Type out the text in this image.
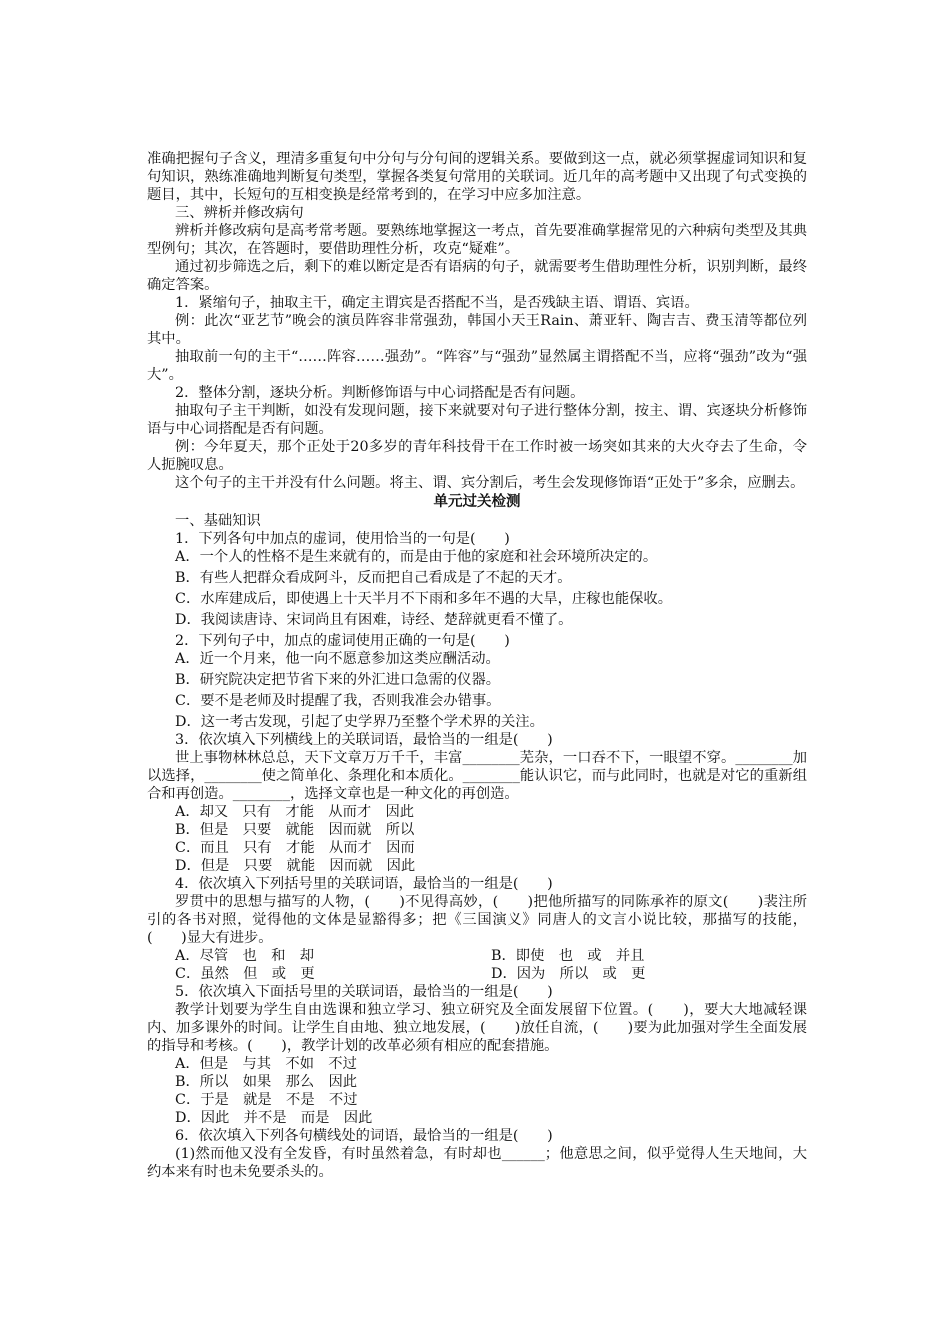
准确把握句子含义，理清多重复句中分句与分句间的逻辑关系。要做到这一点，就必须掌握虚词知识和复句知识，熟练准确地判断复句类型，掌握各类复句常用的关联词。近几年的高考题中又出现了句式变换的题目，其中，长短句的互相变换是经常考到的，在学习中应多加注意。

三、辨析并修改病句

辨析并修改病句是高考常考题。要熟练地掌握这一考点，首先要准确掌握常见的六种病句类型及其典型例句；其次，在答题时，要借助理性分析，攻克“疑难”。

通过初步筛选之后，剩下的难以断定是否有语病的句子，就需要考生借助理性分析，识别判断，最终确定答案。

1．紧缩句子，抽取主干，确定主谓宾是否搭配不当，是否残缺主语、谓语、宾语。

例：此次“亚艺节”晚会的演员阵容非常强劲，韩国小天王Rain、萧亚轩、陶吉吉、费玉清等都位列其中。

抽取前一句的主干“……阵容……强劲”。“阵容”与“强劲”显然属主谓搭配不当，应将“强劲”改为“强大”。

2．整体分割，逐块分析。判断修饰语与中心词搭配是否有问题。

抽取句子主干判断，如没有发现问题，接下来就要对句子进行整体分割，按主、谓、宾逐块分析修饰语与中心词搭配是否有问题。

例：今年夏天，那个正处于20多岁的青年科技骨干在工作时被一场突如其来的大火夺去了生命，令人扼腕叹息。

这个句子的主干并没有什么问题。将主、谓、宾分割后，考生会发现修饰语“正处于”多余，应删去。

单元过关检测

一、基础知识

1．下列各句中加点的虚词，使用恰当的一句是(　　)

A．一个人的性格不是生来就有的，而是由于他的家庭和社会环境所决定的。

B．有些人把群众看成阿斗，反而把自己看成是了不起的天才。

C．水库建成后，即使遇上十天半月不下雨和多年不遇的大旱，庄稼也能保收。

D．我阅读唐诗、宋词尚且有困难，诗经、楚辞就更看不懂了。

2．下列句子中，加点的虚词使用正确的一句是(　　)

A．近一个月来，他一向不愿意参加这类应酬活动。

B．研究院决定把节省下来的外汇进口急需的仪器。

C．要不是老师及时提醒了我，否则我准会办错事。

D．这一考古发现，引起了史学界乃至整个学术界的关注。

3．依次填入下列横线上的关联词语，最恰当的一组是(　　)

世上事物林林总总，天下文章万万千千，丰富________芜杂，一口吞不下，一眼望不穿。________加以选择，________使之简单化、条理化和本质化。________能认识它，而与此同时，也就是对它的重新组合和再创造。________，选择文章也是一种文化的再创造。

A．却又　只有　才能　从而才　因此

B．但是　只要　就能　因而就　所以

C．而且　只有　才能　从而才　因而

D．但是　只要　就能　因而就　因此

4．依次填入下列括号里的关联词语，最恰当的一组是(　　)

罗贯中的思想与描写的人物，(　　)不见得高妙，(　　)把他所描写的同陈承祚的原文(　　)裴注所引的各书对照，觉得他的文体是显豁得多；把《三国演义》同唐人的文言小说比较，那描写的技能，(　　)显大有进步。

A．尽管　也　和　却	B．即使　也　或　并且
C．虽然　但　或　更	D．因为　所以　或　更

5．依次填入下面括号里的关联词语，最恰当的一组是(　　)

教学计划要为学生自由选课和独立学习、独立研究及全面发展留下位置。(　　)，要大大地减轻课内、加多课外的时间。让学生自由地、独立地发展，(　　)放任自流，(　　)要为此加强对学生全面发展的指导和考核。(　　)，教学计划的改革必须有相应的配套措施。

A．但是　与其　不如　不过

B．所以　如果　那么　因此

C．于是　就是　不是　不过

D．因此　并不是　而是　因此

6．依次填入下列各句横线处的词语，最恰当的一组是(　　)

(1)然而他又没有全发昏，有时虽然着急，有时却也______；他意思之间，似乎觉得人生天地间，大约本来有时也未免要杀头的。
